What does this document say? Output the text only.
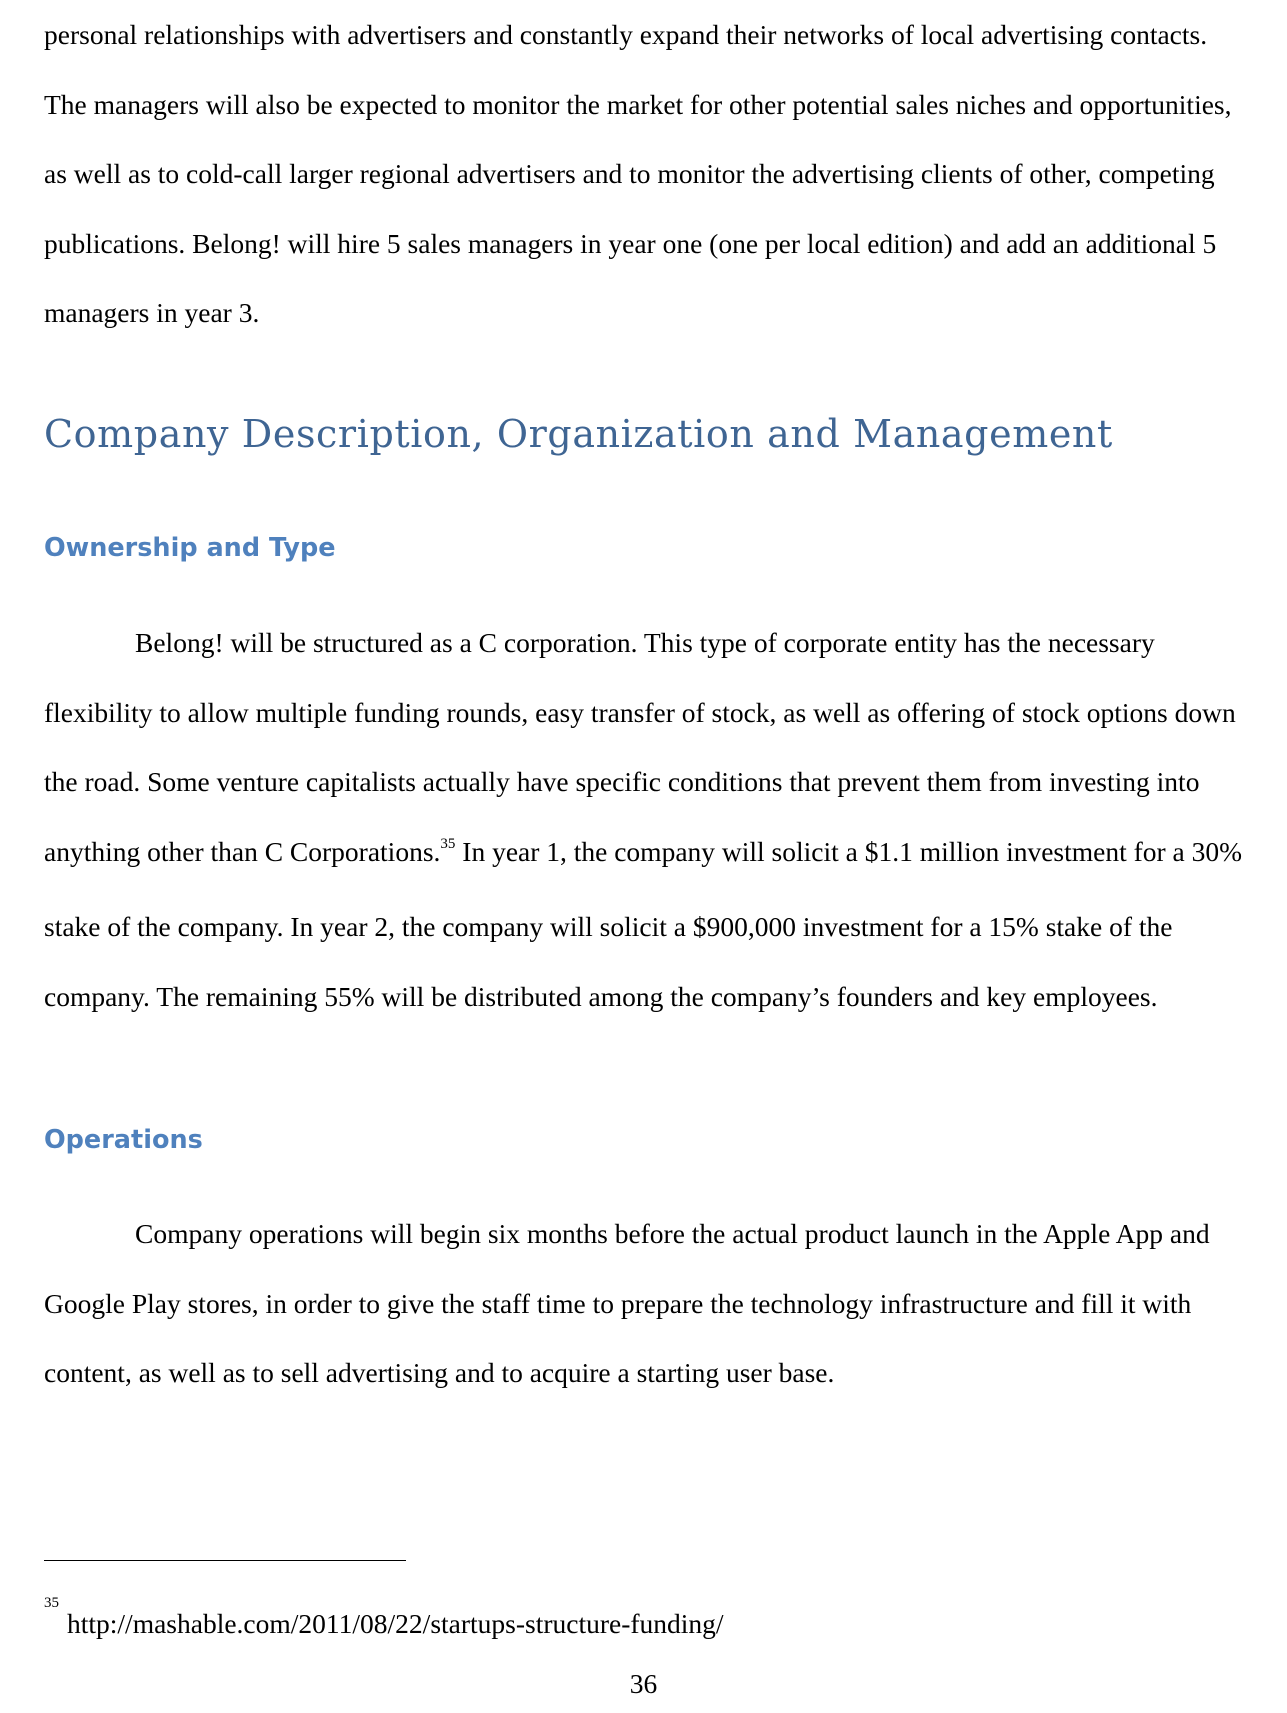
personal relationships with advertisers and constantly expand their networks of local advertising contacts. The managers will also be expected to monitor the market for other potential sales niches and opportunities, as well as to cold-call larger regional advertisers and to monitor the advertising clients of other, competing publications. Belong! will hire 5 sales managers in year one (one per local edition) and add an additional 5 managers in year 3.

Company Description, Organization and Management
Ownership and Type

Belong! will be structured as a C corporation. This type of corporate entity has the necessary flexibility to allow multiple funding rounds, easy transfer of stock, as well as offering of stock options down the road. Some venture capitalists actually have specific conditions that prevent them from investing into anything other than C Corporations.$^{35}$ In year 1, the company will solicit a $1.1 million investment for a 30% stake of the company. In year 2, the company will solicit a $900,000 investment for a 15% stake of the company. The remaining 55% will be distributed among the company’s founders and key employees.

Operations

Company operations will begin six months before the actual product launch in the Apple App and Google Play stores, in order to give the staff time to prepare the technology infrastructure and fill it with content, as well as to sell advertising and to acquire a starting user base.

$^{35}$http://mashable.com/2011/08/22/startups-structure-funding/
36
